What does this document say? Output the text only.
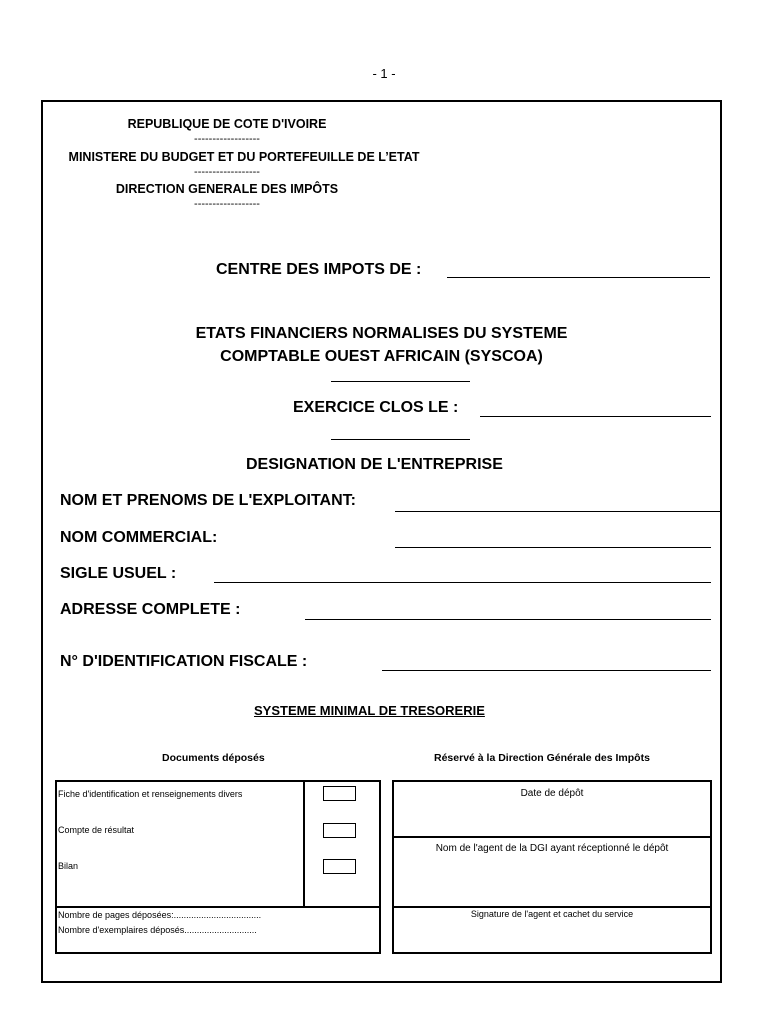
- 1 -
REPUBLIQUE DE COTE D'IVOIRE
------------------
MINISTERE DU BUDGET ET DU PORTEFEUILLE DE L’ETAT
------------------
DIRECTION GENERALE DES IMPÔTS
------------------
CENTRE DES IMPOTS DE :
ETATS FINANCIERS NORMALISES DU SYSTEME
COMPTABLE OUEST AFRICAIN (SYSCOA)
EXERCICE CLOS LE :
DESIGNATION DE L'ENTREPRISE
NOM ET PRENOMS DE L'EXPLOITANT:
NOM COMMERCIAL:
SIGLE USUEL :
ADRESSE COMPLETE :
N° D'IDENTIFICATION FISCALE :
SYSTEME MINIMAL DE TRESORERIE
Documents déposés	Réservé à la Direction Générale des Impôts
Fiche d'identification et renseignements divers
Compte de résultat
Bilan
Nombre de pages déposées:...................................
Nombre d'exemplaires déposés.............................
Date de dépôt
Nom de l'agent de la DGI ayant réceptionné le dépôt
Signature de l'agent et cachet du service
